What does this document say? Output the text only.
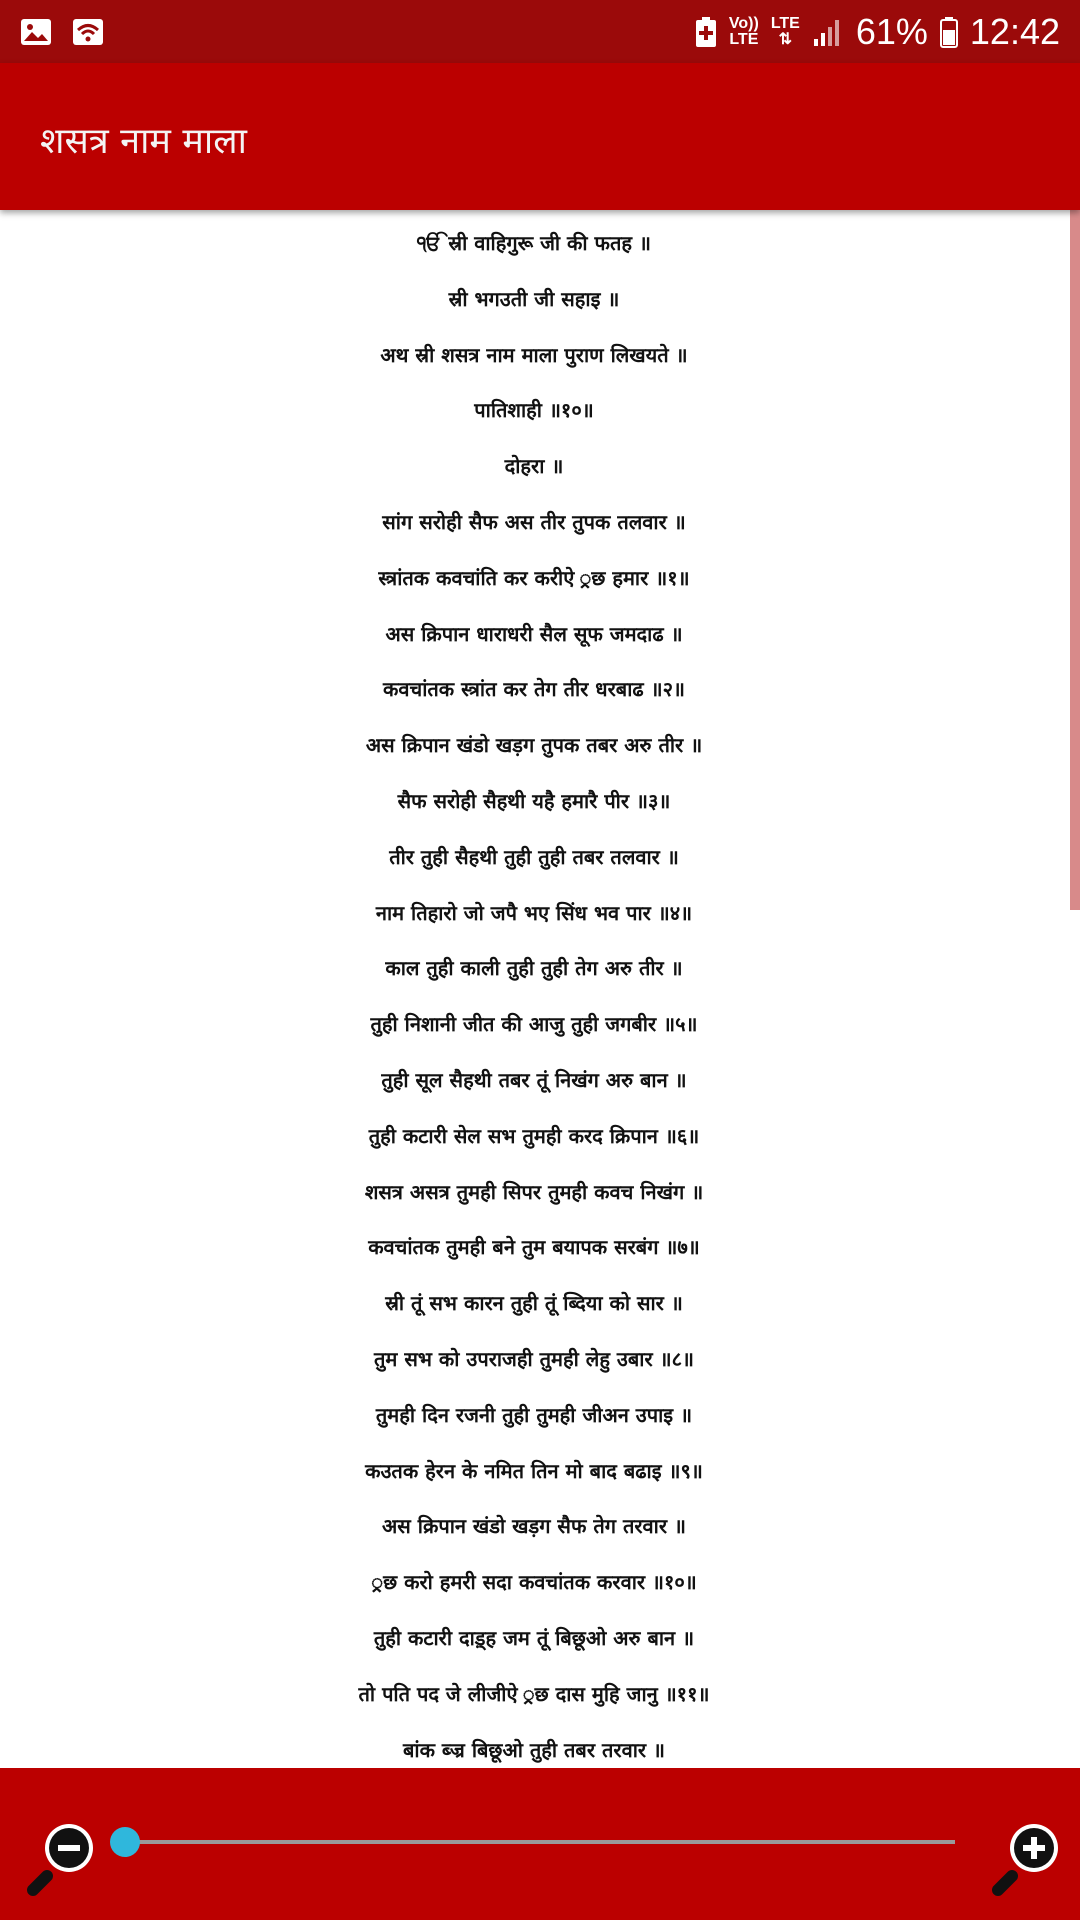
Vo))
LTE
LTE
⇅ 61% 12:42
शसत्र नाम माला
ੴ स्री वाहिगुरू जी की फतह ॥
स्री भगउती जी सहाइ ॥
अथ स्री शसत्र नाम माला पुराण लिखयते ॥
पातिशाही ॥१०॥
दोहरा ॥
सांग सरोही सैफ अस तीर तुपक तलवार ॥
स्त्रांतक कवचांति कर करीऐ ्रछ हमार ॥१॥
अस क्रिपान धाराधरी सैल सूफ जमदाढ ॥
कवचांतक स्त्रांत कर तेग तीर धरबाढ ॥२॥
अस क्रिपान खंडो खड़ग तुपक तबर अरु तीर ॥
सैफ सरोही सैहथी यहै हमारै पीर ॥३॥
तीर तुही सैहथी तुही तुही तबर तलवार ॥
नाम तिहारो जो जपै भए सिंध भव पार ॥४॥
काल तुही काली तुही तुही तेग अरु तीर ॥
तुही निशानी जीत की आजु तुही जगबीर ॥५॥
तुही सूल सैहथी तबर तूं निखंग अरु बान ॥
तुही कटारी सेल सभ तुमही करद क्रिपान ॥६॥
शसत्र असत्र तुमही सिपर तुमही कवच निखंग ॥
कवचांतक तुमही बने तुम बयापक सरबंग ॥७॥
स्री तूं सभ कारन तुही तूं ब्दिया को सार ॥
तुम सभ को उपराजही तुमही लेहु उबार ॥८॥
तुमही दिन रजनी तुही तुमही जीअन उपाइ ॥
कउतक हेरन के नमित तिन मो बाद बढाइ ॥९॥
अस क्रिपान खंडो खड़ग सैफ तेग तरवार ॥
्रछ करो हमरी सदा कवचांतक करवार ॥१०॥
तुही कटारी दाड़्ह जम तूं बिछूओ अरु बान ॥
तो पति पद जे लीजीऐ ्रछ दास मुहि जानु ॥११॥
बांक ब्ज्र बिछूओ तुही तबर तरवार ॥
